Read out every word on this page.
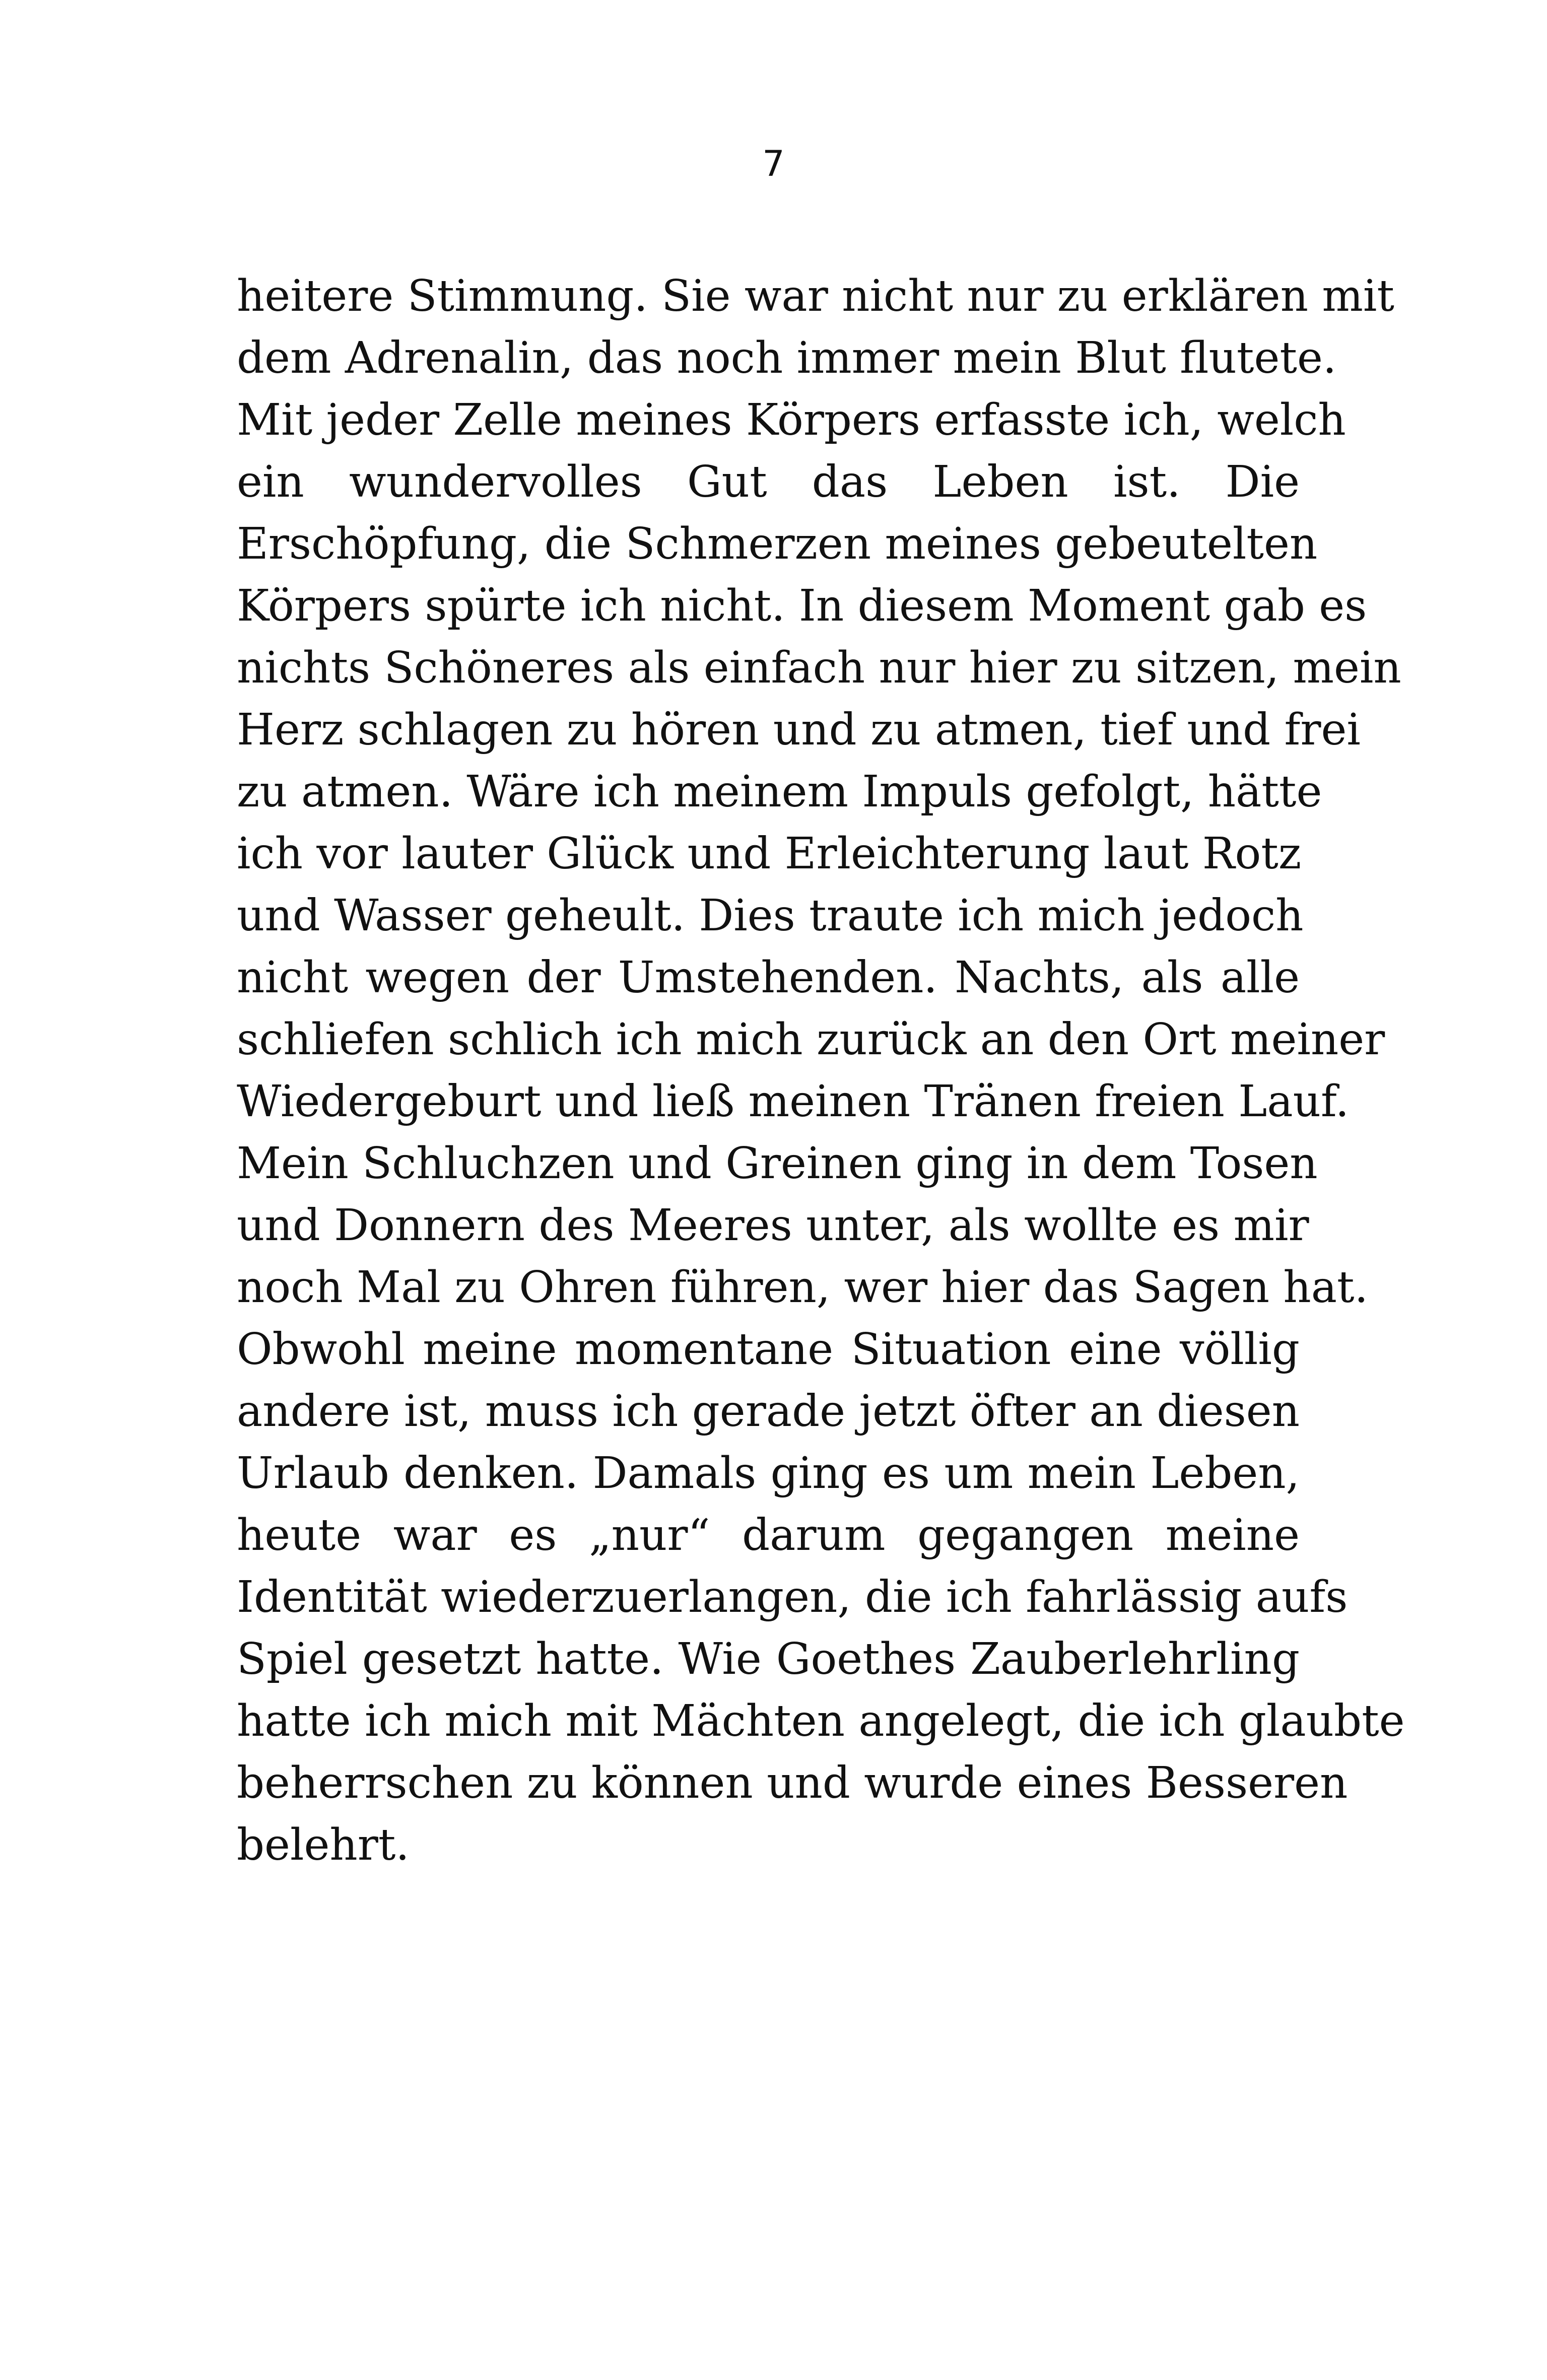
7
heitere Stimmung. Sie war nicht nur zu erklären mit
dem Adrenalin, das noch immer mein Blut flutete.
Mit jeder Zelle meines Körpers erfasste ich, welch
ein wundervolles Gut das Leben ist. Die
Erschöpfung, die Schmerzen meines gebeutelten
Körpers spürte ich nicht. In diesem Moment gab es
nichts Schöneres als einfach nur hier zu sitzen, mein
Herz schlagen zu hören und zu atmen, tief und frei
zu atmen. Wäre ich meinem Impuls gefolgt, hätte
ich vor lauter Glück und Erleichterung laut Rotz
und Wasser geheult. Dies traute ich mich jedoch
nicht wegen der Umstehenden. Nachts, als alle
schliefen schlich ich mich zurück an den Ort meiner
Wiedergeburt und ließ meinen Tränen freien Lauf.
Mein Schluchzen und Greinen ging in dem Tosen
und Donnern des Meeres unter, als wollte es mir
noch Mal zu Ohren führen, wer hier das Sagen hat.
Obwohl meine momentane Situation eine völlig
andere ist, muss ich gerade jetzt öfter an diesen
Urlaub denken. Damals ging es um mein Leben,
heute war es „nur“ darum gegangen meine
Identität wiederzuerlangen, die ich fahrlässig aufs
Spiel gesetzt hatte. Wie Goethes Zauberlehrling
hatte ich mich mit Mächten angelegt, die ich glaubte
beherrschen zu können und wurde eines Besseren
belehrt.
